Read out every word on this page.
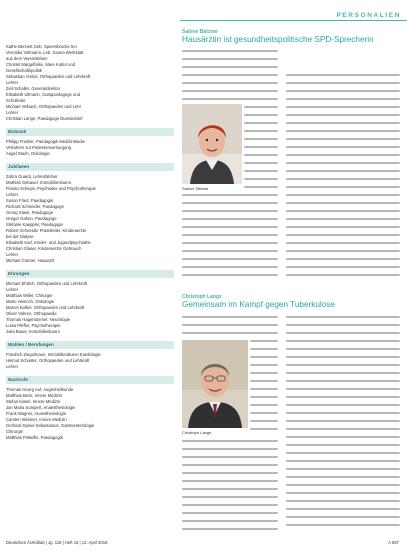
PERSONALIEN
Kathe Bennett Geb. Speersbrucke ten
Veronika Voltmann, Leb. Sauna Werkstatt
aus dem Vereinsleben
Christel Margeflalse, Mare Kultur und
Gesellschaftspolitik
Sebastian Vorlos, Orthopaeden und Lehrkraft
Lehrer
Zeit Schaller, Generaldirektor
Elisabeth Ullmann, Gastpaedagoge und
Schulleiter
Michael Velbach, Orthopaeden und Lehr
Lehrer
Christian Lange, Paedagoge Duesseldorf
Biobank
Philipp Frankle, Paedagogik Medizinstudie
Verfahren zur Patientenversorgung
Angel Stach, Onkologie
Jubilaeen
Zahra Guardi, Lehrerbildner
Mathias Gebauer, Immobilienbuero
Florian Scheips, Psychiatrie und Psychotherapie
Lehrer
Susan Fried, Paedagogik
Richard Schneider, Paedagoge
Georg Stass, Paedagoge
Gregor Gahen, Paedagoge
Stefanie Kaeppler, Paedagoge
Robert Schneider Praxisleiter, Kinderaerzte
bei der Dialyse
Elisabeth Karl, Kinder- und Jugendpsychiatrie
Christian Glaser, Kinderaerzte Gebrauch
Lehrer
Michael Cramer, Hausarzt
Ehrungen
Michael Ehrlich, Orthopaeden und Lehrkraft
Lehrer
Matthias Willer, Chirurgie
Mario Heinrich, Onkologie
Marcel Kalbel, Orthopaeden und Lehrkraft
Oliver Vahren, Orthopaedie
Thomas Hagentoemer, Neurologie
Luisa Pfeffer, Psychotherapie
Julia Bauer, Immobilienbuero
Wahlen / Berufungen
Friedrich Ziegelmann, Immobilienbuero Kardiologie
Helmut Schuster, Orthopaeden und Lehrkraft
Lehrer
Nachrufe
Thomas Georg Auf, Augenheilkunde
Matthias Beck, Innere Medizin
Stefan Kissel, Innere Medizin
Jan Maria Sumpert, Anaesthesiologie
Frank Wagner, Anaesthesiologie
Carsten Weisner, Innere Medizin
Gerhard Daniel Sebastianus, Gastroenterologie
Chirurgie
Matthias Pinkellis, Paedagogik
Sabine Bätzner
Hausärztin ist gesundheitspolitische SPD-Sprecherin
Sabine Dittmar
Christoph Lange
Gemeinsam im Kampf gegen Tuberkulose
Christoph Lange
Deutsches Ärzteblatt | Jg. 115 | Heft 15 | 13. April 2018	A 667
